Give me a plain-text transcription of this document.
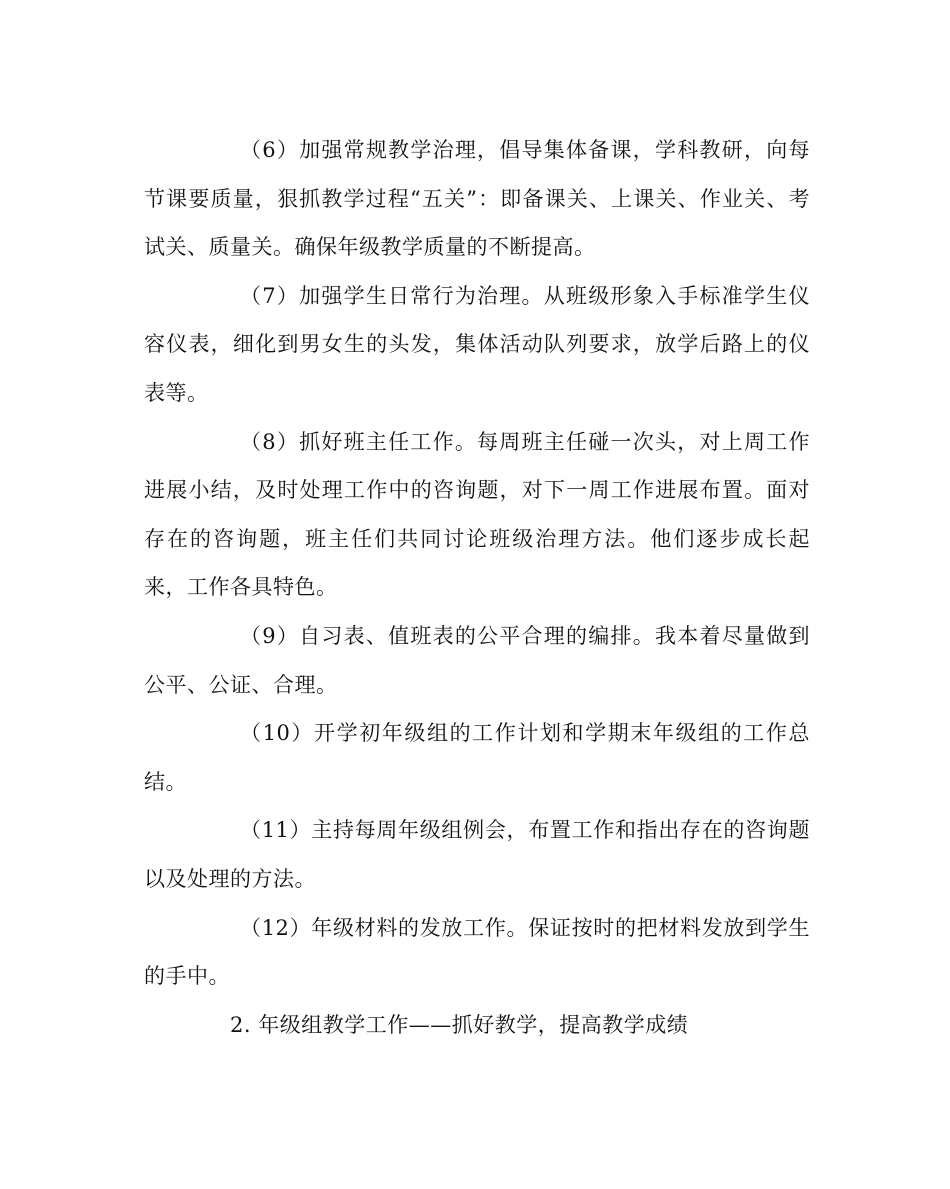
（6）加强常规教学治理，倡导集体备课，学科教研，向每节课要质量，狠抓教学过程“五关”：即备课关、上课关、作业关、考试关、质量关。确保年级教学质量的不断提高。

（7）加强学生日常行为治理。从班级形象入手标准学生仪容仪表，细化到男女生的头发，集体活动队列要求，放学后路上的仪表等。

（8）抓好班主任工作。每周班主任碰一次头，对上周工作进展小结，及时处理工作中的咨询题，对下一周工作进展布置。面对存在的咨询题，班主任们共同讨论班级治理方法。他们逐步成长起来，工作各具特色。

（9）自习表、值班表的公平合理的编排。我本着尽量做到公平、公证、合理。

（10）开学初年级组的工作计划和学期末年级组的工作总结。

（11）主持每周年级组例会，布置工作和指出存在的咨询题以及处理的方法。

（12）年级材料的发放工作。保证按时的把材料发放到学生的手中。

2. 年级组教学工作——抓好教学，提高教学成绩
